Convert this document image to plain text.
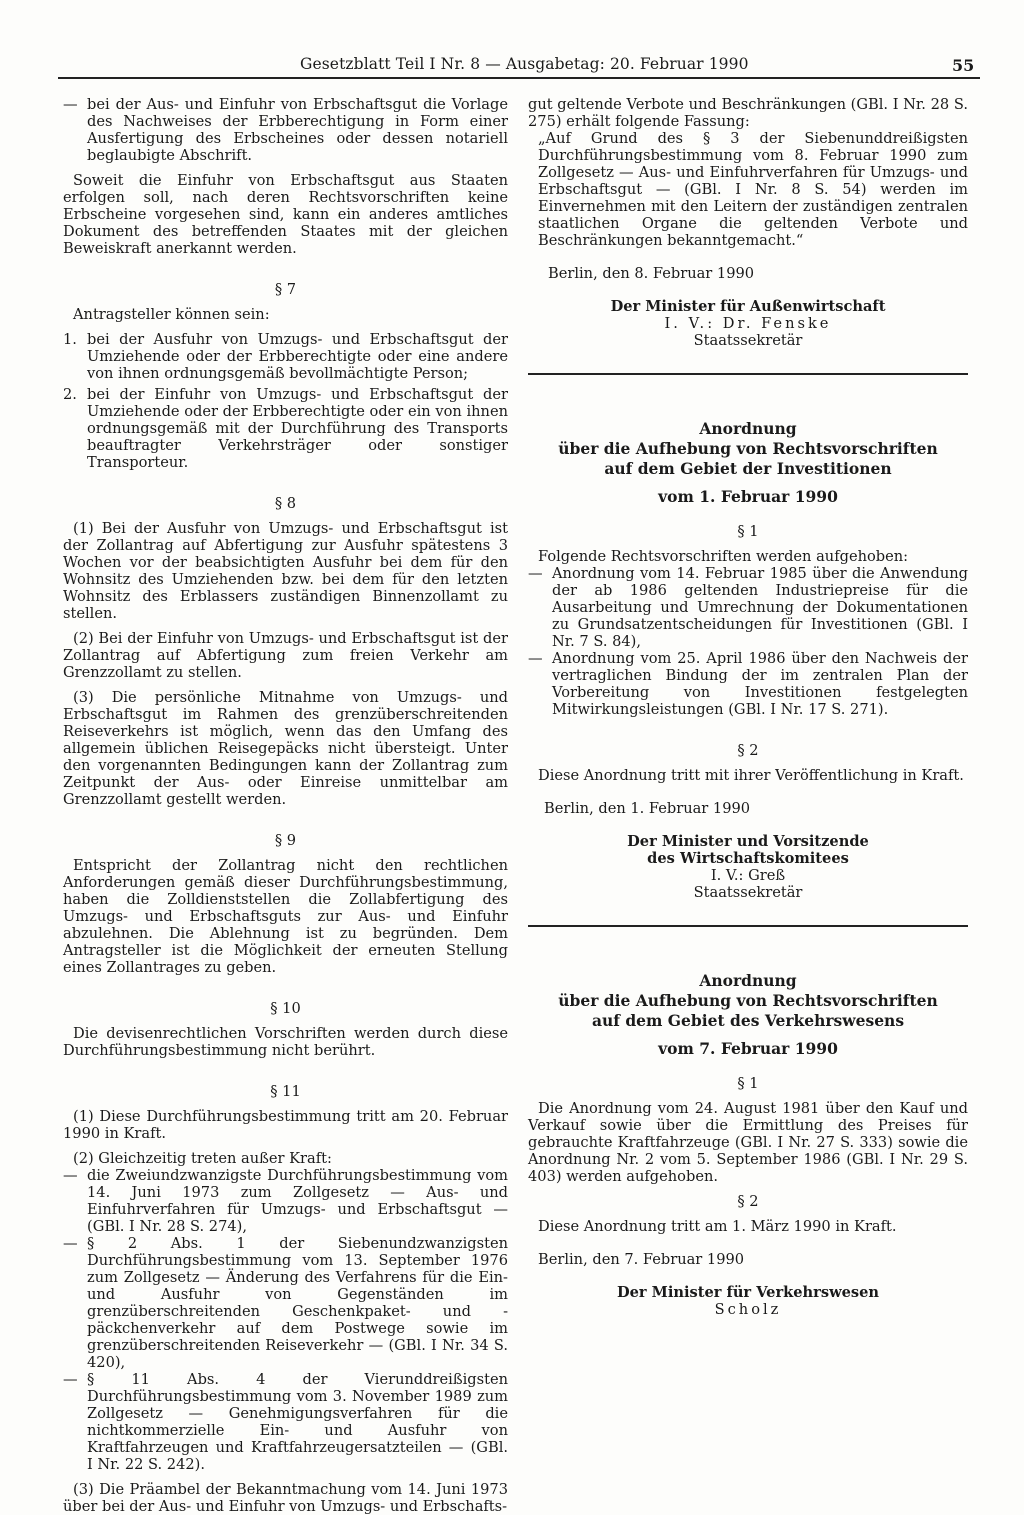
Gesetzblatt Teil I Nr. 8 — Ausgabetag: 20. Februar 1990	55
— bei der Aus- und Einfuhr von Erbschaftsgut die Vorlage des Nachweises der Erbberechtigung in Form einer Ausfertigung des Erbscheines oder dessen notariell beglaubigte Abschrift.

Soweit die Einfuhr von Erbschaftsgut aus Staaten erfolgen soll, nach deren Rechtsvorschriften keine Erbscheine vorgesehen sind, kann ein anderes amtliches Dokument des betreffenden Staates mit der gleichen Beweiskraft anerkannt werden.

§ 7

Antragsteller können sein:

1. bei der Ausfuhr von Umzugs- und Erbschaftsgut der Umziehende oder der Erbberechtigte oder eine andere von ihnen ordnungsgemäß bevollmächtigte Person;
2. bei der Einfuhr von Umzugs- und Erbschaftsgut der Umziehende oder der Erbberechtigte oder ein von ihnen ordnungsgemäß mit der Durchführung des Transports beauftragter Verkehrsträger oder sonstiger Transporteur.

§ 8

(1) Bei der Ausfuhr von Umzugs- und Erbschaftsgut ist der Zollantrag auf Abfertigung zur Ausfuhr spätestens 3 Wochen vor der beabsichtigten Ausfuhr bei dem für den Wohnsitz des Umziehenden bzw. bei dem für den letzten Wohnsitz des Erblassers zuständigen Binnenzollamt zu stellen.

(2) Bei der Einfuhr von Umzugs- und Erbschaftsgut ist der Zollantrag auf Abfertigung zum freien Verkehr am Grenzzollamt zu stellen.

(3) Die persönliche Mitnahme von Umzugs- und Erbschaftsgut im Rahmen des grenzüberschreitenden Reiseverkehrs ist möglich, wenn das den Umfang des allgemein üblichen Reisegepäcks nicht übersteigt. Unter den vorgenannten Bedingungen kann der Zollantrag zum Zeitpunkt der Aus- oder Einreise unmittelbar am Grenzzollamt gestellt werden.

§ 9

Entspricht der Zollantrag nicht den rechtlichen Anforderungen gemäß dieser Durchführungsbestimmung, haben die Zolldienststellen die Zollabfertigung des Umzugs- und Erbschaftsguts zur Aus- und Einfuhr abzulehnen. Die Ablehnung ist zu begründen. Dem Antragsteller ist die Möglichkeit der erneuten Stellung eines Zollantrages zu geben.

§ 10

Die devisenrechtlichen Vorschriften werden durch diese Durchführungsbestimmung nicht berührt.

§ 11

(1) Diese Durchführungsbestimmung tritt am 20. Februar 1990 in Kraft.

(2) Gleichzeitig treten außer Kraft:

— die Zweiundzwanzigste Durchführungsbestimmung vom 14. Juni 1973 zum Zollgesetz — Aus- und Einfuhrverfahren für Umzugs- und Erbschaftsgut — (GBl. I Nr. 28 S. 274),
— § 2 Abs. 1 der Siebenundzwanzigsten Durchführungsbestimmung vom 13. September 1976 zum Zollgesetz — Änderung des Verfahrens für die Ein- und Ausfuhr von Gegenständen im grenzüberschreitenden Geschenkpaket- und -päckchenverkehr auf dem Postwege sowie im grenzüberschreitenden Reiseverkehr — (GBl. I Nr. 34 S. 420),
— § 11 Abs. 4 der Vierunddreißigsten Durchführungsbestimmung vom 3. November 1989 zum Zollgesetz — Genehmigungsverfahren für die nichtkommerzielle Ein- und Ausfuhr von Kraftfahrzeugen und Kraftfahrzeugersatzteilen — (GBl. I Nr. 22 S. 242).

(3) Die Präambel der Bekanntmachung vom 14. Juni 1973 über bei der Aus- und Einfuhr von Umzugs- und Erbschafts-

gut geltende Verbote und Beschränkungen (GBl. I Nr. 28 S. 275) erhält folgende Fassung:

„Auf Grund des § 3 der Siebenunddreißigsten Durchführungsbestimmung vom 8. Februar 1990 zum Zollgesetz — Aus- und Einfuhrverfahren für Umzugs- und Erbschaftsgut — (GBl. I Nr. 8 S. 54) werden im Einvernehmen mit den Leitern der zuständigen zentralen staatlichen Organe die geltenden Verbote und Beschränkungen bekanntgemacht.“

Berlin, den 8. Februar 1990

Der Minister für Außenwirtschaft

I. V.: Dr. Fenske

Staatssekretär

Anordnung

über die Aufhebung von Rechtsvorschriften

auf dem Gebiet der Investitionen

vom 1. Februar 1990

§ 1

Folgende Rechtsvorschriften werden aufgehoben:

— Anordnung vom 14. Februar 1985 über die Anwendung der ab 1986 geltenden Industriepreise für die Ausarbeitung und Umrechnung der Dokumentationen zu Grundsatzentscheidungen für Investitionen (GBl. I Nr. 7 S. 84),
— Anordnung vom 25. April 1986 über den Nachweis der vertraglichen Bindung der im zentralen Plan der Vorbereitung von Investitionen festgelegten Mitwirkungsleistungen (GBl. I Nr. 17 S. 271).

§ 2

Diese Anordnung tritt mit ihrer Veröffentlichung in Kraft.

Berlin, den 1. Februar 1990

Der Minister und Vorsitzende

des Wirtschaftskomitees

I. V.: Greß

Staatssekretär

Anordnung

über die Aufhebung von Rechtsvorschriften

auf dem Gebiet des Verkehrswesens

vom 7. Februar 1990

§ 1

Die Anordnung vom 24. August 1981 über den Kauf und Verkauf sowie über die Ermittlung des Preises für gebrauchte Kraftfahrzeuge (GBl. I Nr. 27 S. 333) sowie die Anordnung Nr. 2 vom 5. September 1986 (GBl. I Nr. 29 S. 403) werden aufgehoben.

§ 2

Diese Anordnung tritt am 1. März 1990 in Kraft.

Berlin, den 7. Februar 1990

Der Minister für Verkehrswesen

Scholz
